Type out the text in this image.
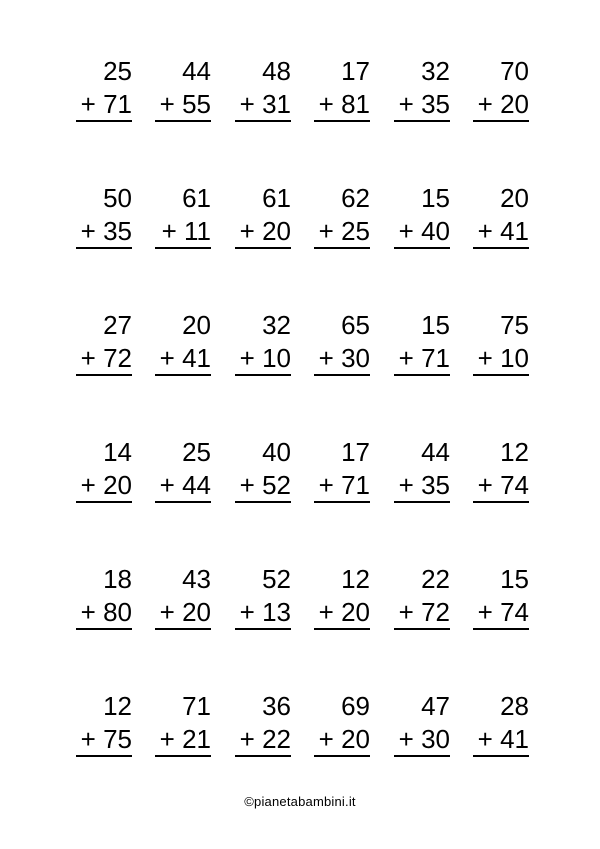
25
+ 71
44
+ 55
48
+ 31
17
+ 81
32
+ 35
70
+ 20
50
+ 35
61
+ 11
61
+ 20
62
+ 25
15
+ 40
20
+ 41
27
+ 72
20
+ 41
32
+ 10
65
+ 30
15
+ 71
75
+ 10
14
+ 20
25
+ 44
40
+ 52
17
+ 71
44
+ 35
12
+ 74
18
+ 80
43
+ 20
52
+ 13
12
+ 20
22
+ 72
15
+ 74
12
+ 75
71
+ 21
36
+ 22
69
+ 20
47
+ 30
28
+ 41
©pianetabambini.it
